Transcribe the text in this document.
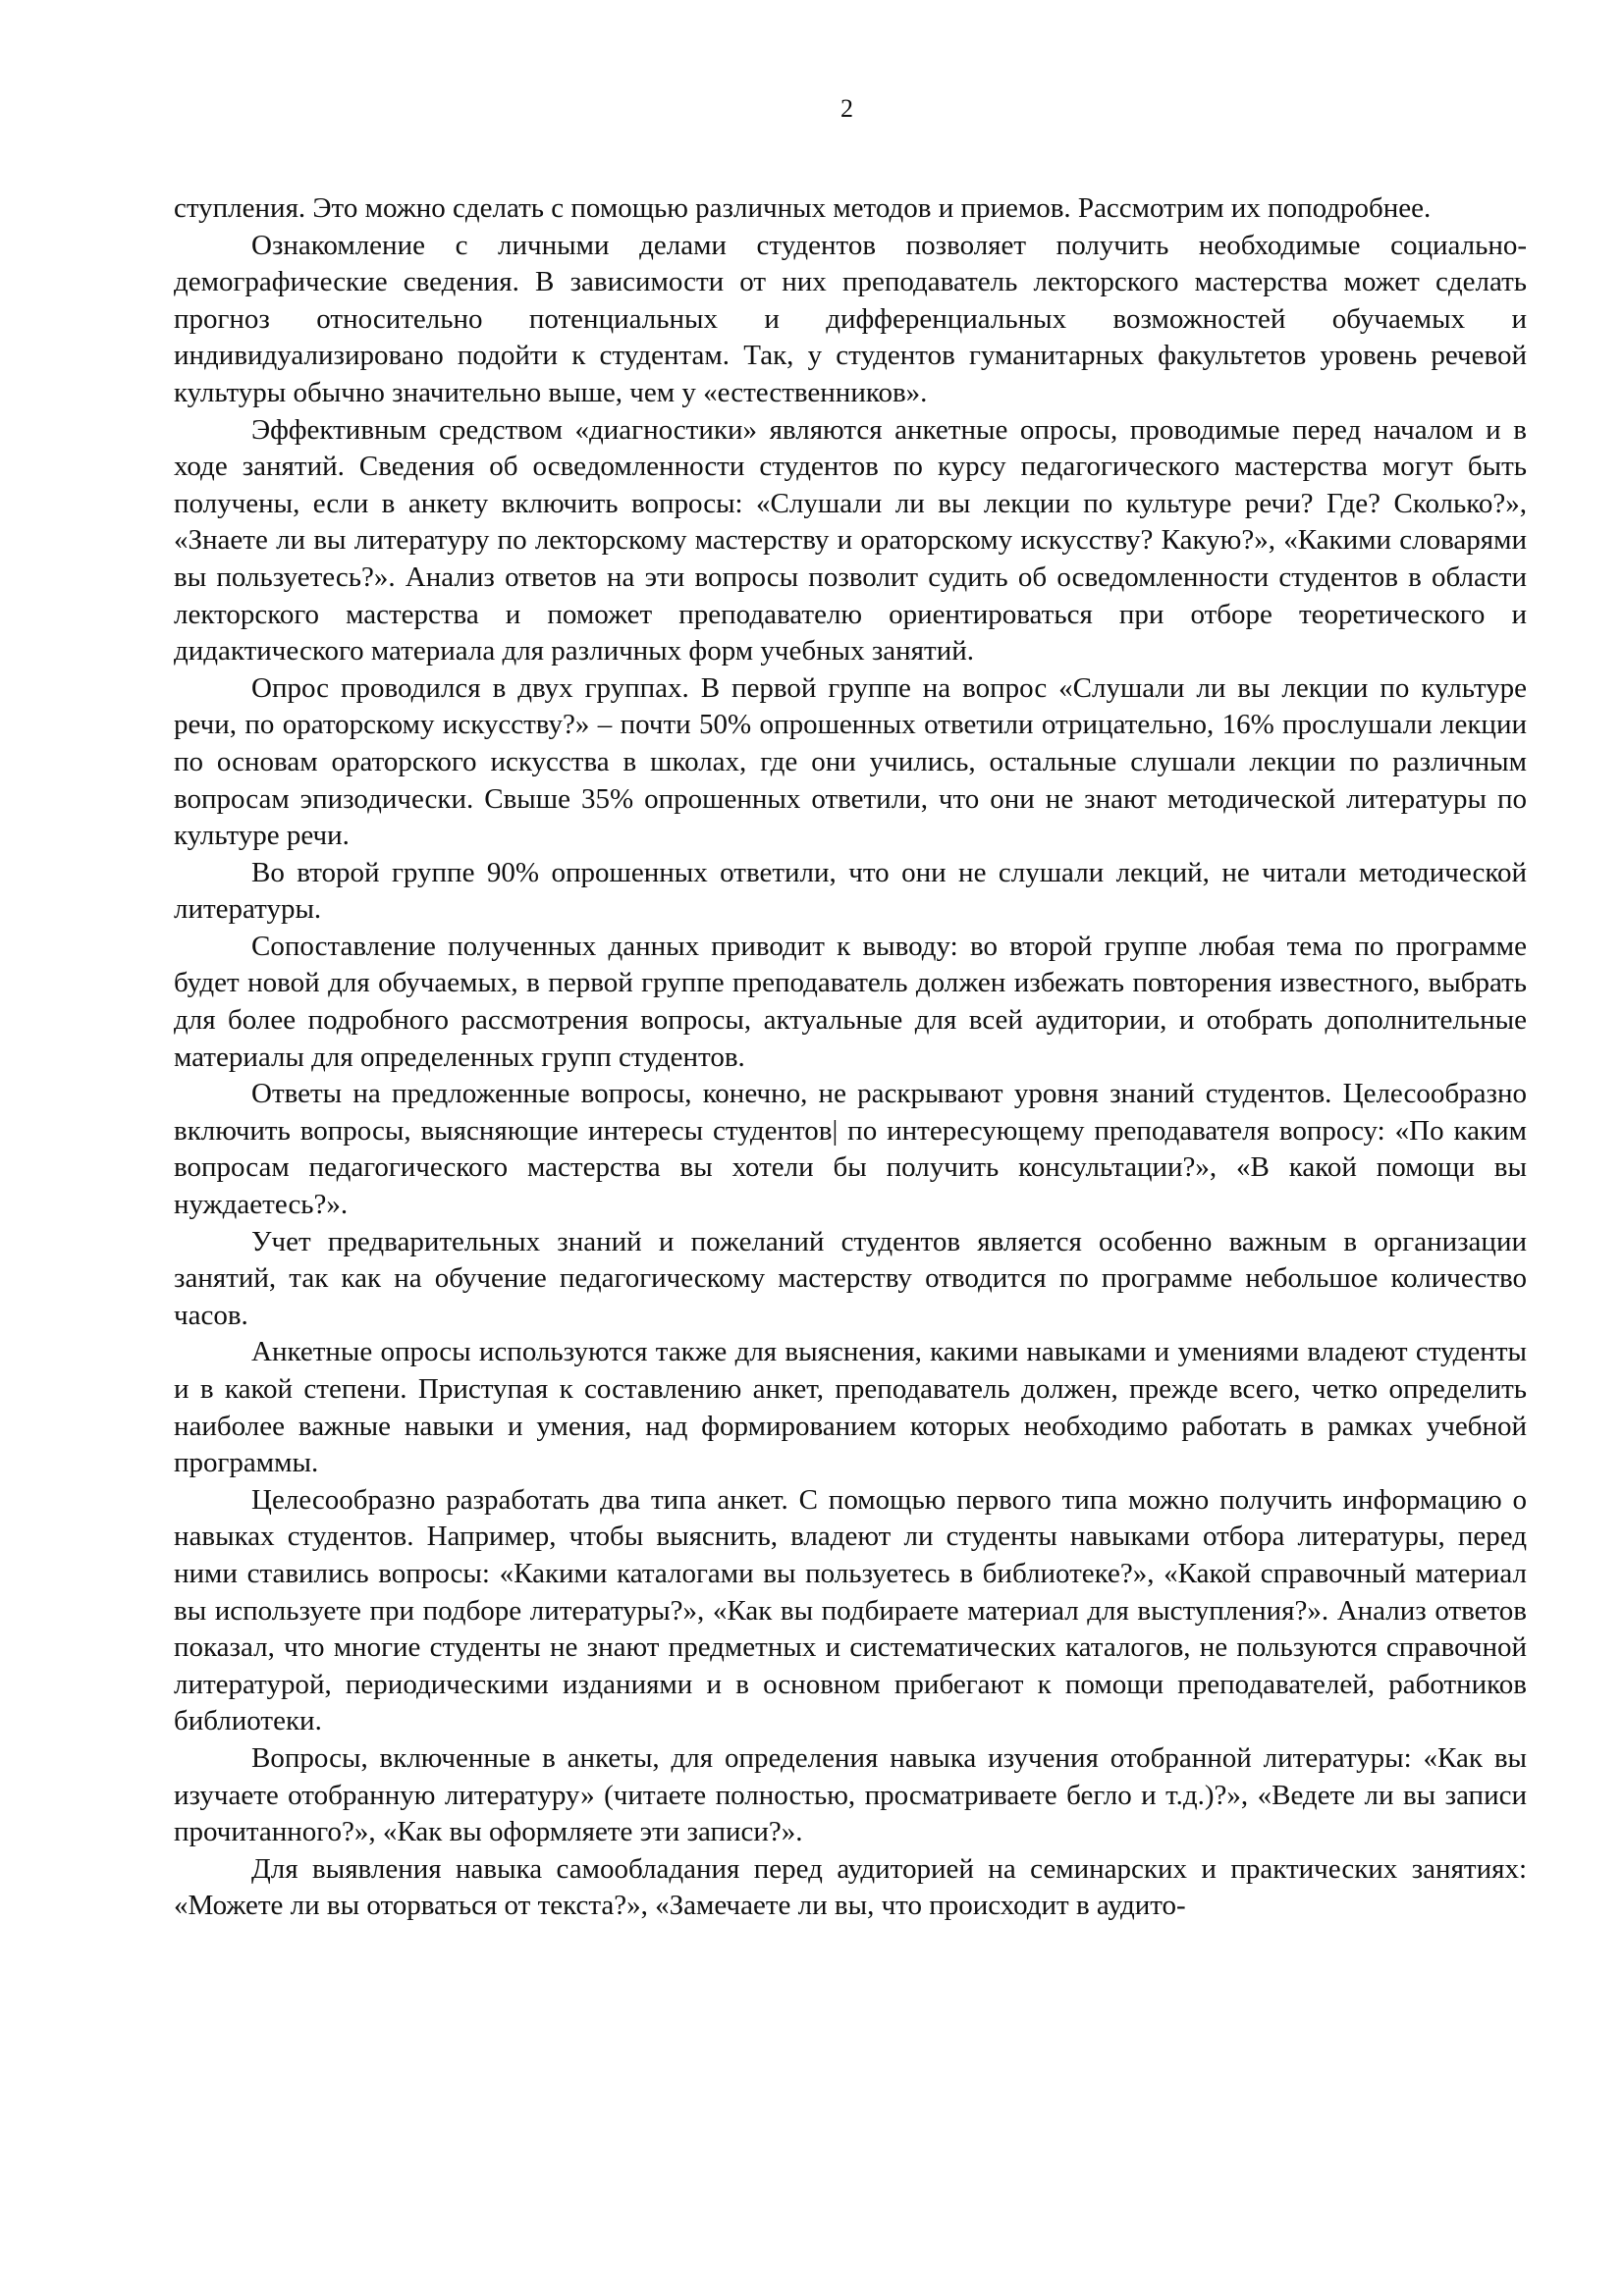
2

ступления. Это можно сделать с помощью различных методов и приемов. Рассмотрим их поподробнее.

Ознакомление с личными делами студентов позволяет получить необходимые социально-демографические сведения. В зависимости от них преподаватель лекторского мастерства может сделать прогноз относительно потенциальных и дифференциальных возможностей обучаемых и индивидуализировано подойти к студентам. Так, у студентов гуманитарных факультетов уровень речевой культуры обычно значительно выше, чем у «естественников».

Эффективным средством «диагностики» являются анкетные опросы, проводимые перед началом и в ходе занятий. Сведения об осведомленности студентов по курсу педагогического мастерства могут быть получены, если в анкету включить вопросы: «Слушали ли вы лекции по культуре речи? Где? Сколько?», «Знаете ли вы литературу по лекторскому мастерству и ораторскому искусству? Какую?», «Какими словарями вы пользуетесь?». Анализ ответов на эти вопросы позволит судить об осведомленности студентов в области лекторского мастерства и поможет преподавателю ориентироваться при отборе теоретического и дидактического материала для различных форм учебных занятий.

Опрос проводился в двух группах. В первой группе на вопрос «Слушали ли вы лекции по культуре речи, по ораторскому искусству?» – почти 50% опрошенных ответили отрицательно, 16% прослушали лекции по основам ораторского искусства в школах, где они учились, остальные слушали лекции по различным вопросам эпизодически. Свыше 35% опрошенных ответили, что они не знают методической литературы по культуре речи.

Во второй группе 90% опрошенных ответили, что они не слушали лекций, не читали методической литературы.

Сопоставление полученных данных приводит к выводу: во второй группе любая тема по программе будет новой для обучаемых, в первой группе преподаватель должен избежать повторения известного, выбрать для более подробного рассмотрения вопросы, актуальные для всей аудитории, и отобрать дополнительные материалы для определенных групп студентов.

Ответы на предложенные вопросы, конечно, не раскрывают уровня знаний студентов. Целесообразно включить вопросы, выясняющие интересы студентов| по интересующему преподавателя вопросу: «По каким вопросам педагогического мастерства вы хотели бы получить консультации?», «В какой помощи вы нуждаетесь?».

Учет предварительных знаний и пожеланий студентов является особенно важным в организации занятий, так как на обучение педагогическому мастерству отводится по программе небольшое количество часов.

Анкетные опросы используются также для выяснения, какими навыками и умениями владеют студенты и в какой степени. Приступая к составлению анкет, преподаватель должен, прежде всего, четко определить наиболее важные навыки и умения, над формированием которых необходимо работать в рамках учебной программы.

Целесообразно разработать два типа анкет. С помощью первого типа можно получить информацию о навыках студентов. Например, чтобы выяснить, владеют ли студенты навыками отбора литературы, перед ними ставились вопросы: «Какими каталогами вы пользуетесь в библиотеке?», «Какой справочный материал вы используете при подборе литературы?», «Как вы подбираете материал для выступления?». Анализ ответов показал, что многие студенты не знают предметных и систематических каталогов, не пользуются справочной литературой, периодическими изданиями и в основном прибегают к помощи преподавателей, работников библиотеки.

Вопросы, включенные в анкеты, для определения навыка изучения отобранной литературы: «Как вы изучаете отобранную литературу» (читаете полностью, просматриваете бегло и т.д.)?», «Ведете ли вы записи прочитанного?», «Как вы оформляете эти записи?».

Для выявления навыка самообладания перед аудиторией на семинарских и практических занятиях: «Можете ли вы оторваться от текста?», «Замечаете ли вы, что происходит в аудито-
